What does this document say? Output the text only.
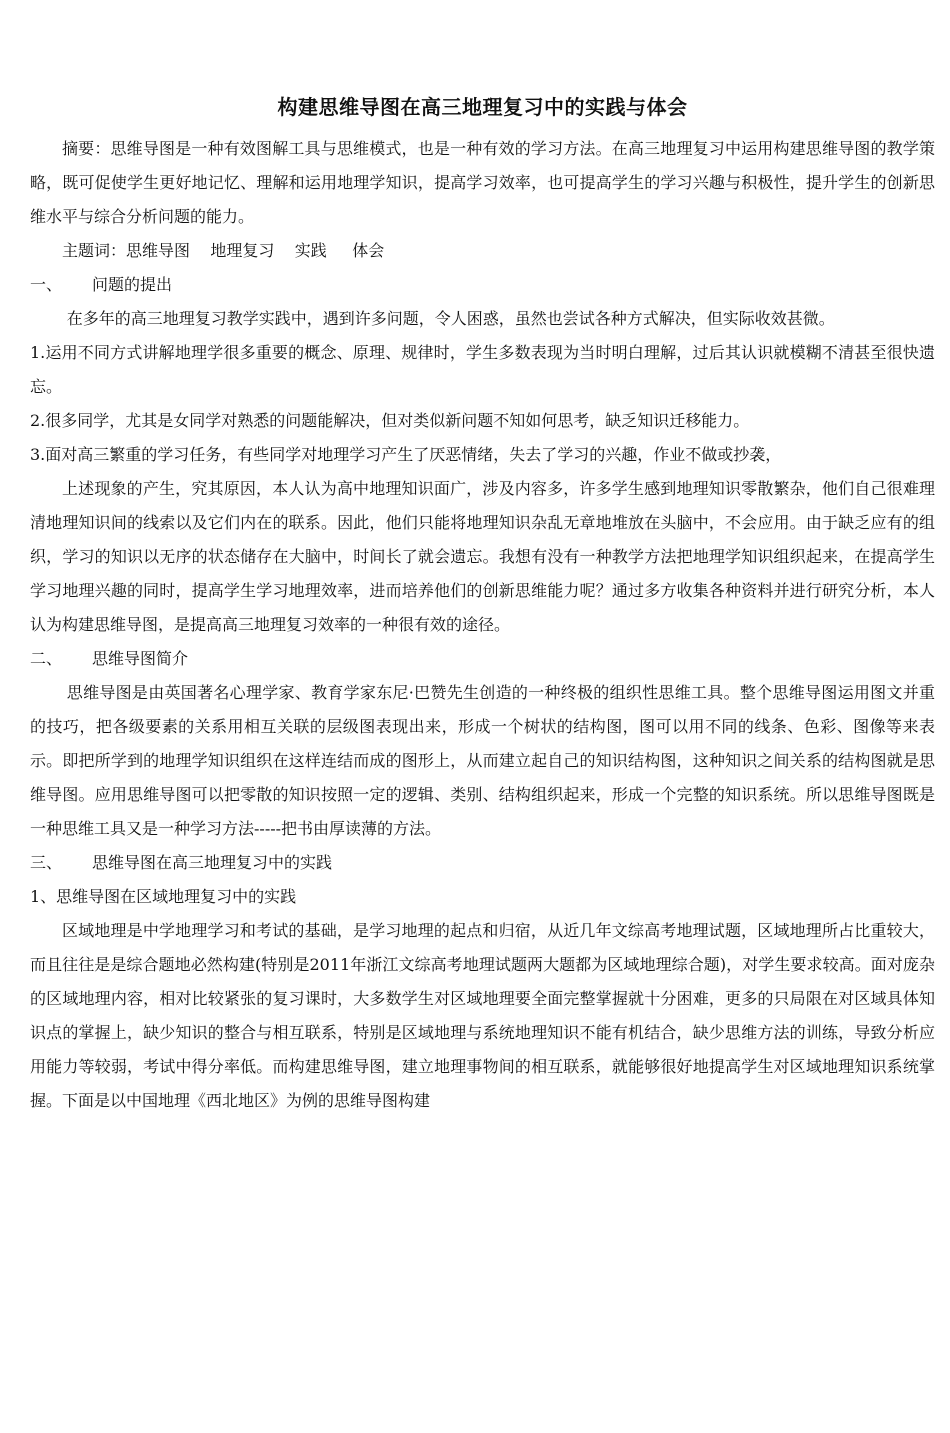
构建思维导图在高三地理复习中的实践与体会

摘要：思维导图是一种有效图解工具与思维模式，也是一种有效的学习方法。在高三地理复习中运用构建思维导图的教学策略，既可促使学生更好地记忆、理解和运用地理学知识，提高学习效率，也可提高学生的学习兴趣与积极性，提升学生的创新思维水平与综合分析问题的能力。

主题词：思维导图 地理复习 实践 体会

一、 问题的提出

在多年的高三地理复习教学实践中，遇到许多问题，令人困惑，虽然也尝试各种方式解决，但实际收效甚微。

1.运用不同方式讲解地理学很多重要的概念、原理、规律时，学生多数表现为当时明白理解，过后其认识就模糊不清甚至很快遗忘。

2.很多同学，尤其是女同学对熟悉的问题能解决，但对类似新问题不知如何思考，缺乏知识迁移能力。

3.面对高三繁重的学习任务，有些同学对地理学习产生了厌恶情绪，失去了学习的兴趣，作业不做或抄袭，

上述现象的产生，究其原因，本人认为高中地理知识面广，涉及内容多，许多学生感到地理知识零散繁杂，他们自己很难理清地理知识间的线索以及它们内在的联系。因此，他们只能将地理知识杂乱无章地堆放在头脑中，不会应用。由于缺乏应有的组织，学习的知识以无序的状态储存在大脑中，时间长了就会遗忘。我想有没有一种教学方法把地理学知识组织起来，在提高学生学习地理兴趣的同时，提高学生学习地理效率，进而培养他们的创新思维能力呢？通过多方收集各种资料并进行研究分析，本人认为构建思维导图，是提高高三地理复习效率的一种很有效的途径。

二、 思维导图简介

思维导图是由英国著名心理学家、教育学家东尼·巴赞先生创造的一种终极的组织性思维工具。整个思维导图运用图文并重的技巧，把各级要素的关系用相互关联的层级图表现出来，形成一个树状的结构图，图可以用不同的线条、色彩、图像等来表示。即把所学到的地理学知识组织在这样连结而成的图形上，从而建立起自己的知识结构图，这种知识之间关系的结构图就是思维导图。应用思维导图可以把零散的知识按照一定的逻辑、类别、结构组织起来，形成一个完整的知识系统。所以思维导图既是一种思维工具又是一种学习方法-----把书由厚读薄的方法。

三、 思维导图在高三地理复习中的实践
1、思维导图在区域地理复习中的实践

区域地理是中学地理学习和考试的基础，是学习地理的起点和归宿，从近几年文综高考地理试题，区域地理所占比重较大，而且往往是是综合题地必然构建(特别是2011年浙江文综高考地理试题两大题都为区域地理综合题)，对学生要求较高。面对庞杂的区域地理内容，相对比较紧张的复习课时，大多数学生对区域地理要全面完整掌握就十分困难，更多的只局限在对区域具体知识点的掌握上，缺少知识的整合与相互联系，特别是区域地理与系统地理知识不能有机结合，缺少思维方法的训练，导致分析应用能力等较弱，考试中得分率低。而构建思维导图，建立地理事物间的相互联系，就能够很好地提高学生对区域地理知识系统掌握。下面是以中国地理《西北地区》为例的思维导图构建
